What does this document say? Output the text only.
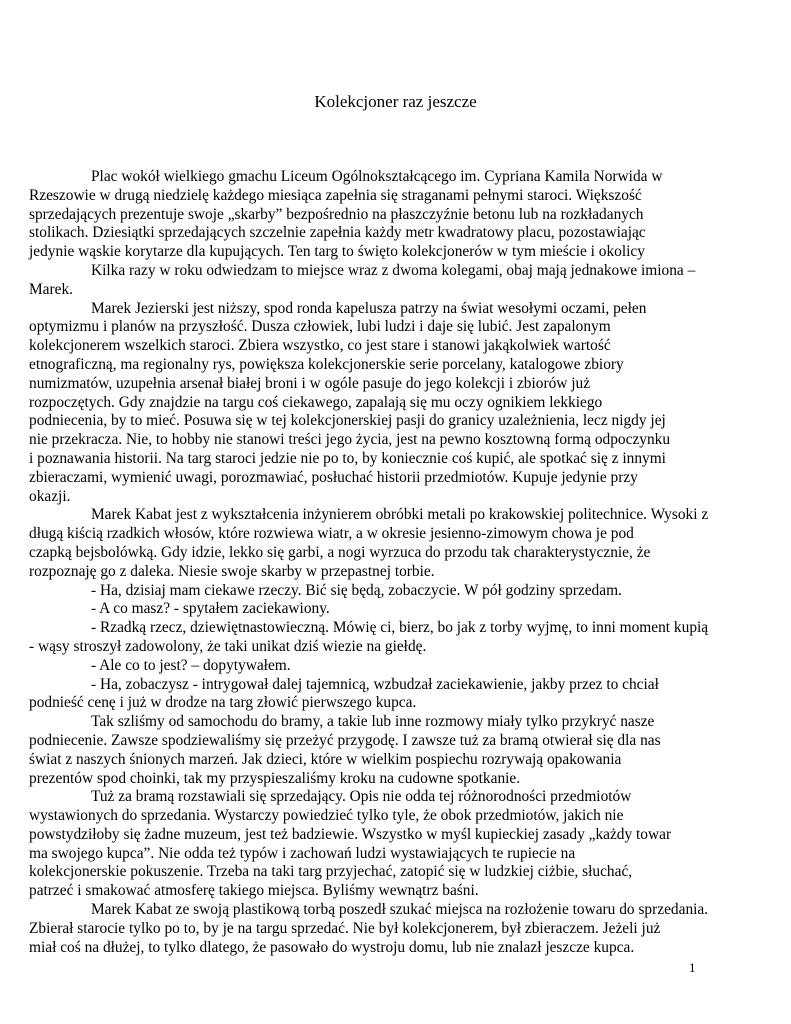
Kolekcjoner raz jeszcze
Plac wokół wielkiego gmachu Liceum Ogólnokształcącego im. Cypriana Kamila Norwida w
Rzeszowie w drugą niedzielę każdego miesiąca zapełnia się straganami pełnymi staroci. Większość
sprzedających prezentuje swoje „skarby” bezpośrednio na płaszczyźnie betonu lub na rozkładanych
stolikach. Dziesiątki sprzedających szczelnie zapełnia każdy metr kwadratowy placu, pozostawiając
jedynie wąskie korytarze dla kupujących. Ten targ to święto kolekcjonerów w tym mieście i okolicy
Kilka razy w roku odwiedzam to miejsce wraz z dwoma kolegami, obaj mają jednakowe imiona –
Marek.
Marek Jezierski jest niższy, spod ronda kapelusza patrzy na świat wesołymi oczami, pełen
optymizmu i planów na przyszłość. Dusza człowiek, lubi ludzi i daje się lubić. Jest zapalonym
kolekcjonerem wszelkich staroci. Zbiera wszystko, co jest stare i stanowi jakąkolwiek wartość
etnograficzną, ma regionalny rys, powiększa kolekcjonerskie serie porcelany, katalogowe zbiory
numizmatów, uzupełnia arsenał białej broni i w ogóle pasuje do jego kolekcji i zbiorów już
rozpoczętych. Gdy znajdzie na targu coś ciekawego, zapalają się mu oczy ognikiem lekkiego
podniecenia, by to mieć. Posuwa się w tej kolekcjonerskiej pasji do granicy uzależnienia, lecz nigdy jej
nie przekracza. Nie, to hobby nie stanowi treści jego życia, jest na pewno kosztowną formą odpoczynku
i poznawania historii. Na targ staroci jedzie nie po to, by koniecznie coś kupić, ale spotkać się z innymi
zbieraczami, wymienić uwagi, porozmawiać, posłuchać historii przedmiotów. Kupuje jedynie przy
okazji.
Marek Kabat jest z wykształcenia inżynierem obróbki metali po krakowskiej politechnice. Wysoki z
długą kiścią rzadkich włosów, które rozwiewa wiatr, a w okresie jesienno-zimowym chowa je pod
czapką bejsbolówką. Gdy idzie, lekko się garbi, a nogi wyrzuca do przodu tak charakterystycznie, że
rozpoznaję go z daleka. Niesie swoje skarby w przepastnej torbie.
- Ha, dzisiaj mam ciekawe rzeczy. Bić się będą, zobaczycie. W pół godziny sprzedam.
- A co masz? - spytałem zaciekawiony.
- Rzadką rzecz, dziewiętnastowieczną. Mówię ci, bierz, bo jak z torby wyjmę, to inni moment kupią
- wąsy stroszył zadowolony, że taki unikat dziś wiezie na giełdę.
- Ale co to jest? – dopytywałem.
- Ha, zobaczysz - intrygował dalej tajemnicą, wzbudzał zaciekawienie, jakby przez to chciał
podnieść cenę i już w drodze na targ złowić pierwszego kupca.
Tak szliśmy od samochodu do bramy, a takie lub inne rozmowy miały tylko przykryć nasze
podniecenie. Zawsze spodziewaliśmy się przeżyć przygodę. I zawsze tuż za bramą otwierał się dla nas
świat z naszych śnionych marzeń. Jak dzieci, które w wielkim pospiechu rozrywają opakowania
prezentów spod choinki, tak my przyspieszaliśmy kroku na cudowne spotkanie.
Tuż za bramą rozstawiali się sprzedający. Opis nie odda tej różnorodności przedmiotów
wystawionych do sprzedania. Wystarczy powiedzieć tylko tyle, że obok przedmiotów, jakich nie
powstydziłoby się żadne muzeum, jest też badziewie. Wszystko w myśl kupieckiej zasady „każdy towar
ma swojego kupca”. Nie odda też typów i zachowań ludzi wystawiających te rupiecie na
kolekcjonerskie pokuszenie. Trzeba na taki targ przyjechać, zatopić się w ludzkiej ciżbie, słuchać,
patrzeć i smakować atmosferę takiego miejsca. Byliśmy wewnątrz baśni.
Marek Kabat ze swoją plastikową torbą poszedł szukać miejsca na rozłożenie towaru do sprzedania.
Zbierał starocie tylko po to, by je na targu sprzedać. Nie był kolekcjonerem, był zbieraczem. Jeżeli już
miał coś na dłużej, to tylko dlatego, że pasowało do wystroju domu, lub nie znalazł jeszcze kupca.
1
